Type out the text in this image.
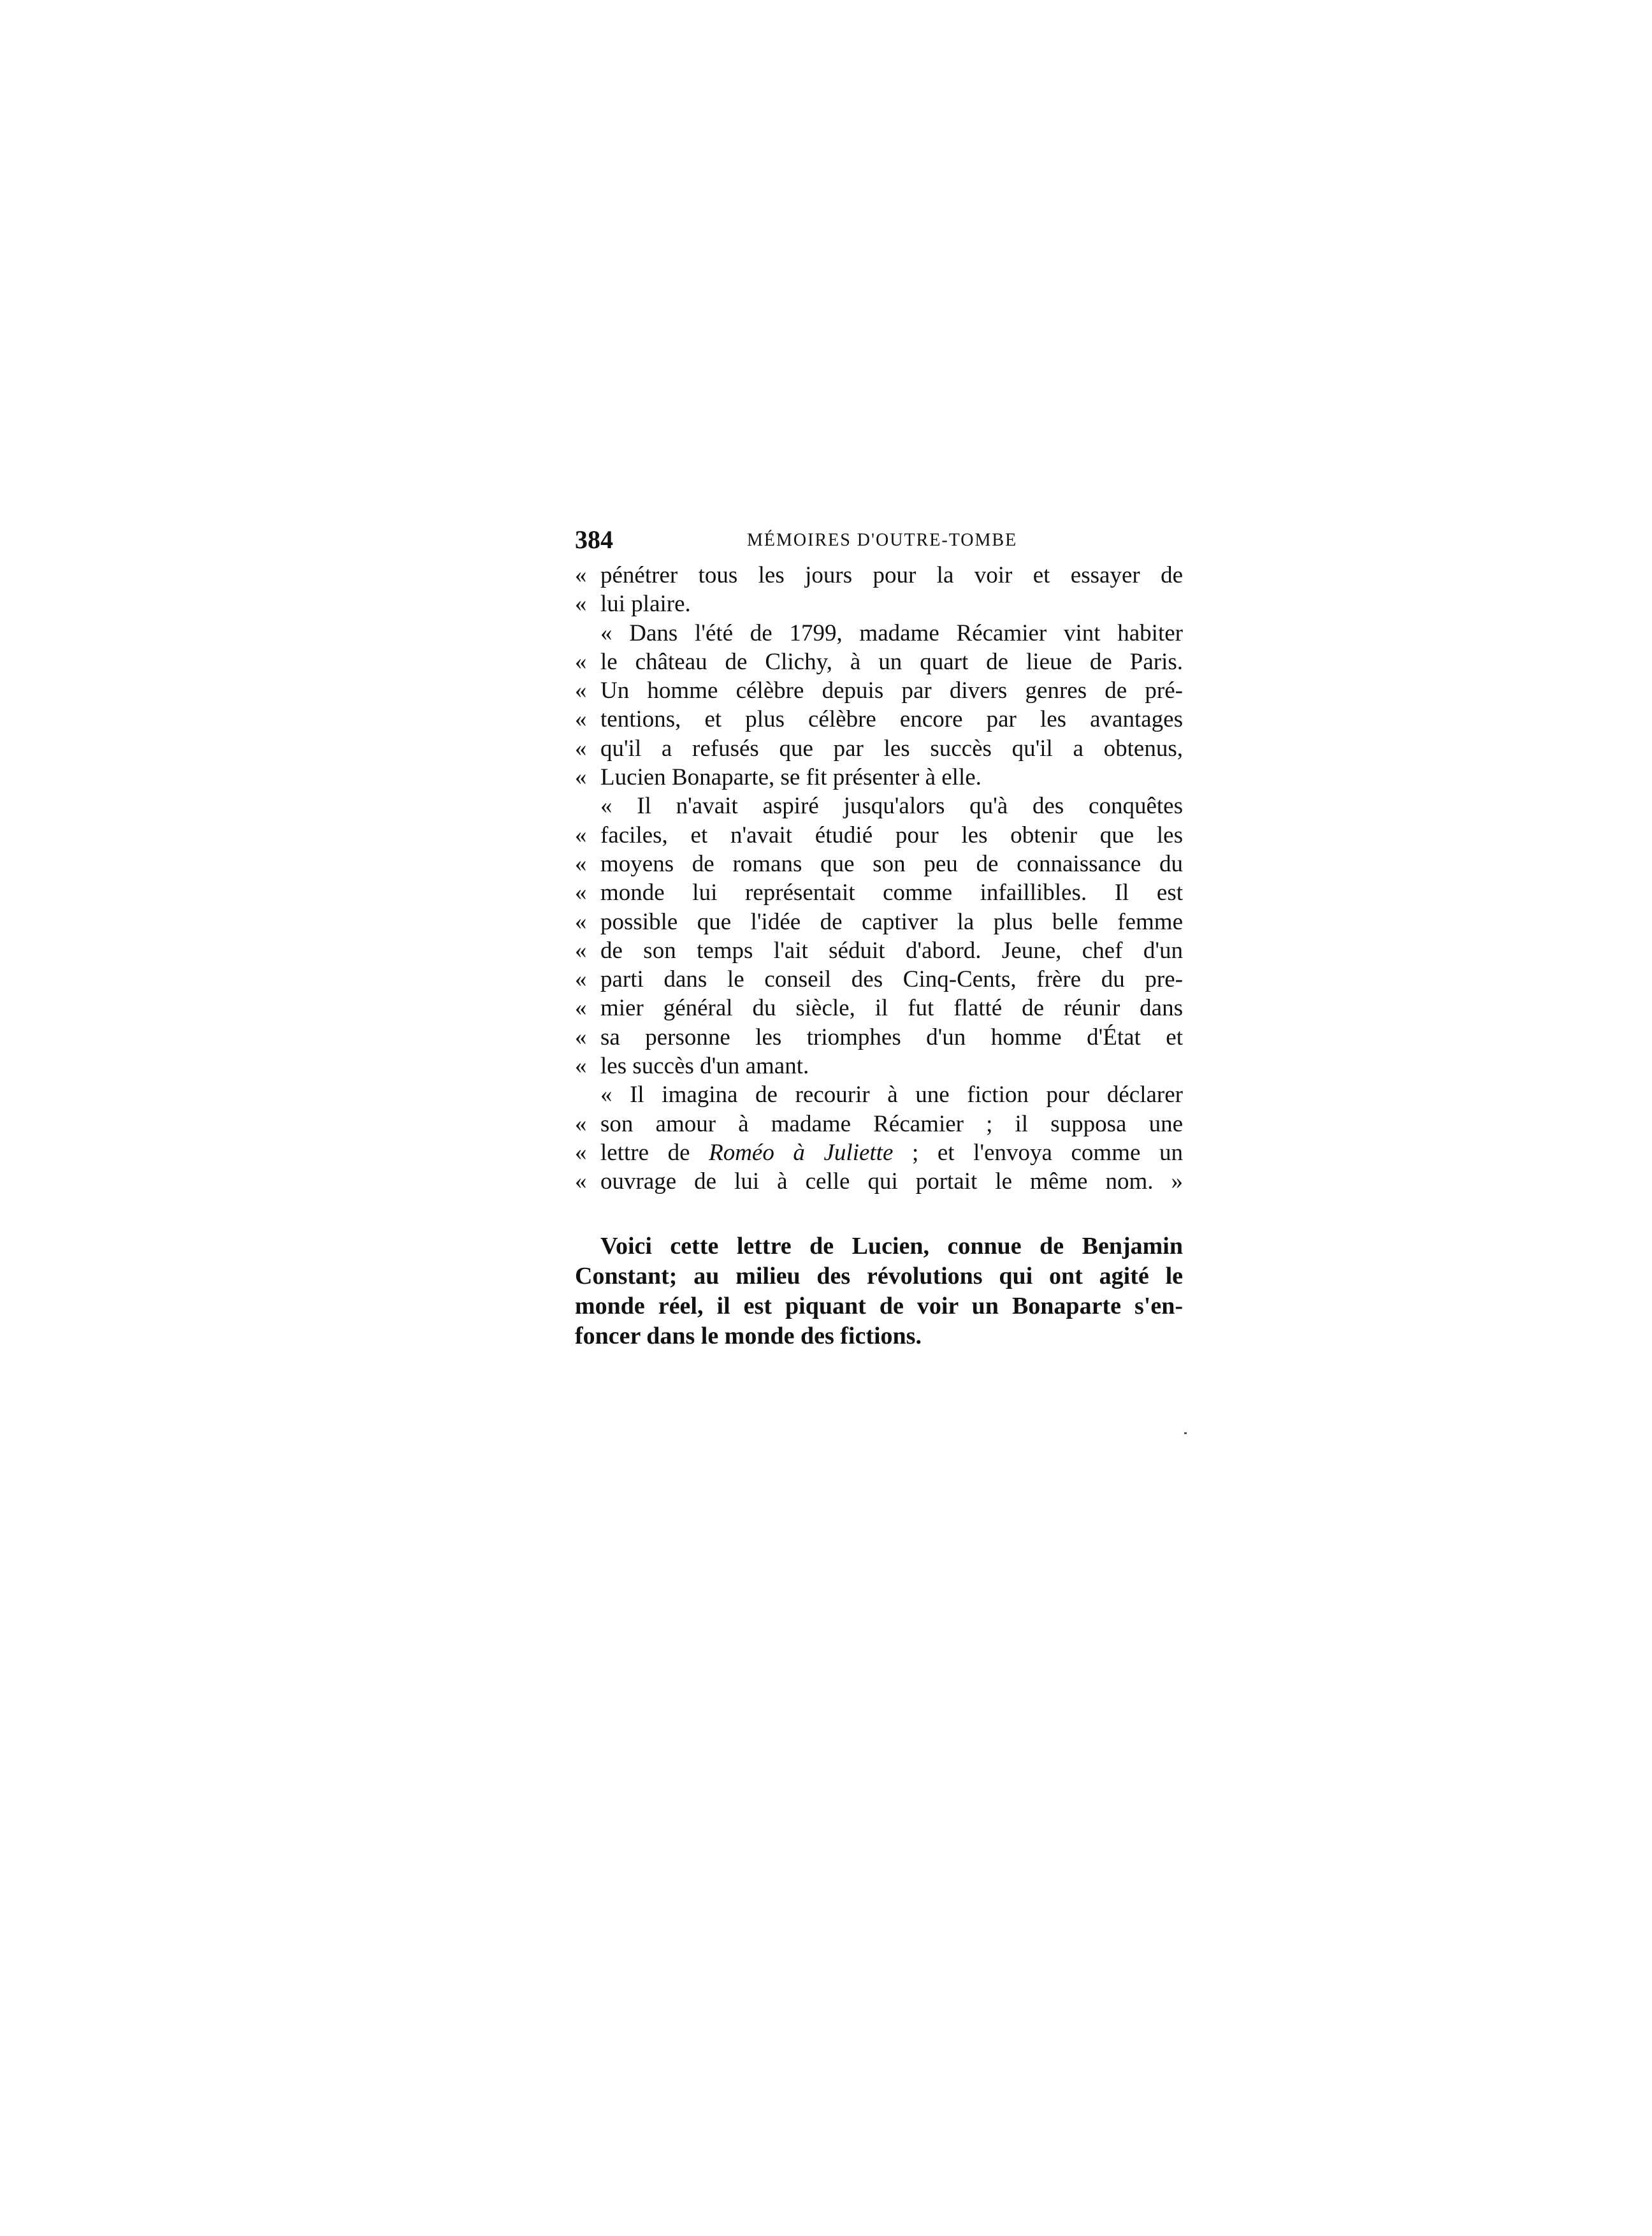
384	MÉMOIRES D'OUTRE-TOMBE
« pénétrer tous les jours pour la voir et essayer de
« lui plaire.
« Dans l'été de 1799, madame Récamier vint habiter
« le château de Clichy, à un quart de lieue de Paris.
« Un homme célèbre depuis par divers genres de pré-
« tentions, et plus célèbre encore par les avantages
« qu'il a refusés que par les succès qu'il a obtenus,
« Lucien Bonaparte, se fit présenter à elle.
« Il n'avait aspiré jusqu'alors qu'à des conquêtes
« faciles, et n'avait étudié pour les obtenir que les
« moyens de romans que son peu de connaissance du
« monde lui représentait comme infaillibles. Il est
« possible que l'idée de captiver la plus belle femme
« de son temps l'ait séduit d'abord. Jeune, chef d'un
« parti dans le conseil des Cinq-Cents, frère du pre-
« mier général du siècle, il fut flatté de réunir dans
« sa personne les triomphes d'un homme d'État et
« les succès d'un amant.
« Il imagina de recourir à une fiction pour déclarer
« son amour à madame Récamier ; il supposa une
« lettre de Roméo à Juliette ; et l'envoya comme un
« ouvrage de lui à celle qui portait le même nom. »
Voici cette lettre de Lucien, connue de Benjamin
Constant; au milieu des révolutions qui ont agité le
monde réel, il est piquant de voir un Bonaparte s'en-
foncer dans le monde des fictions.
